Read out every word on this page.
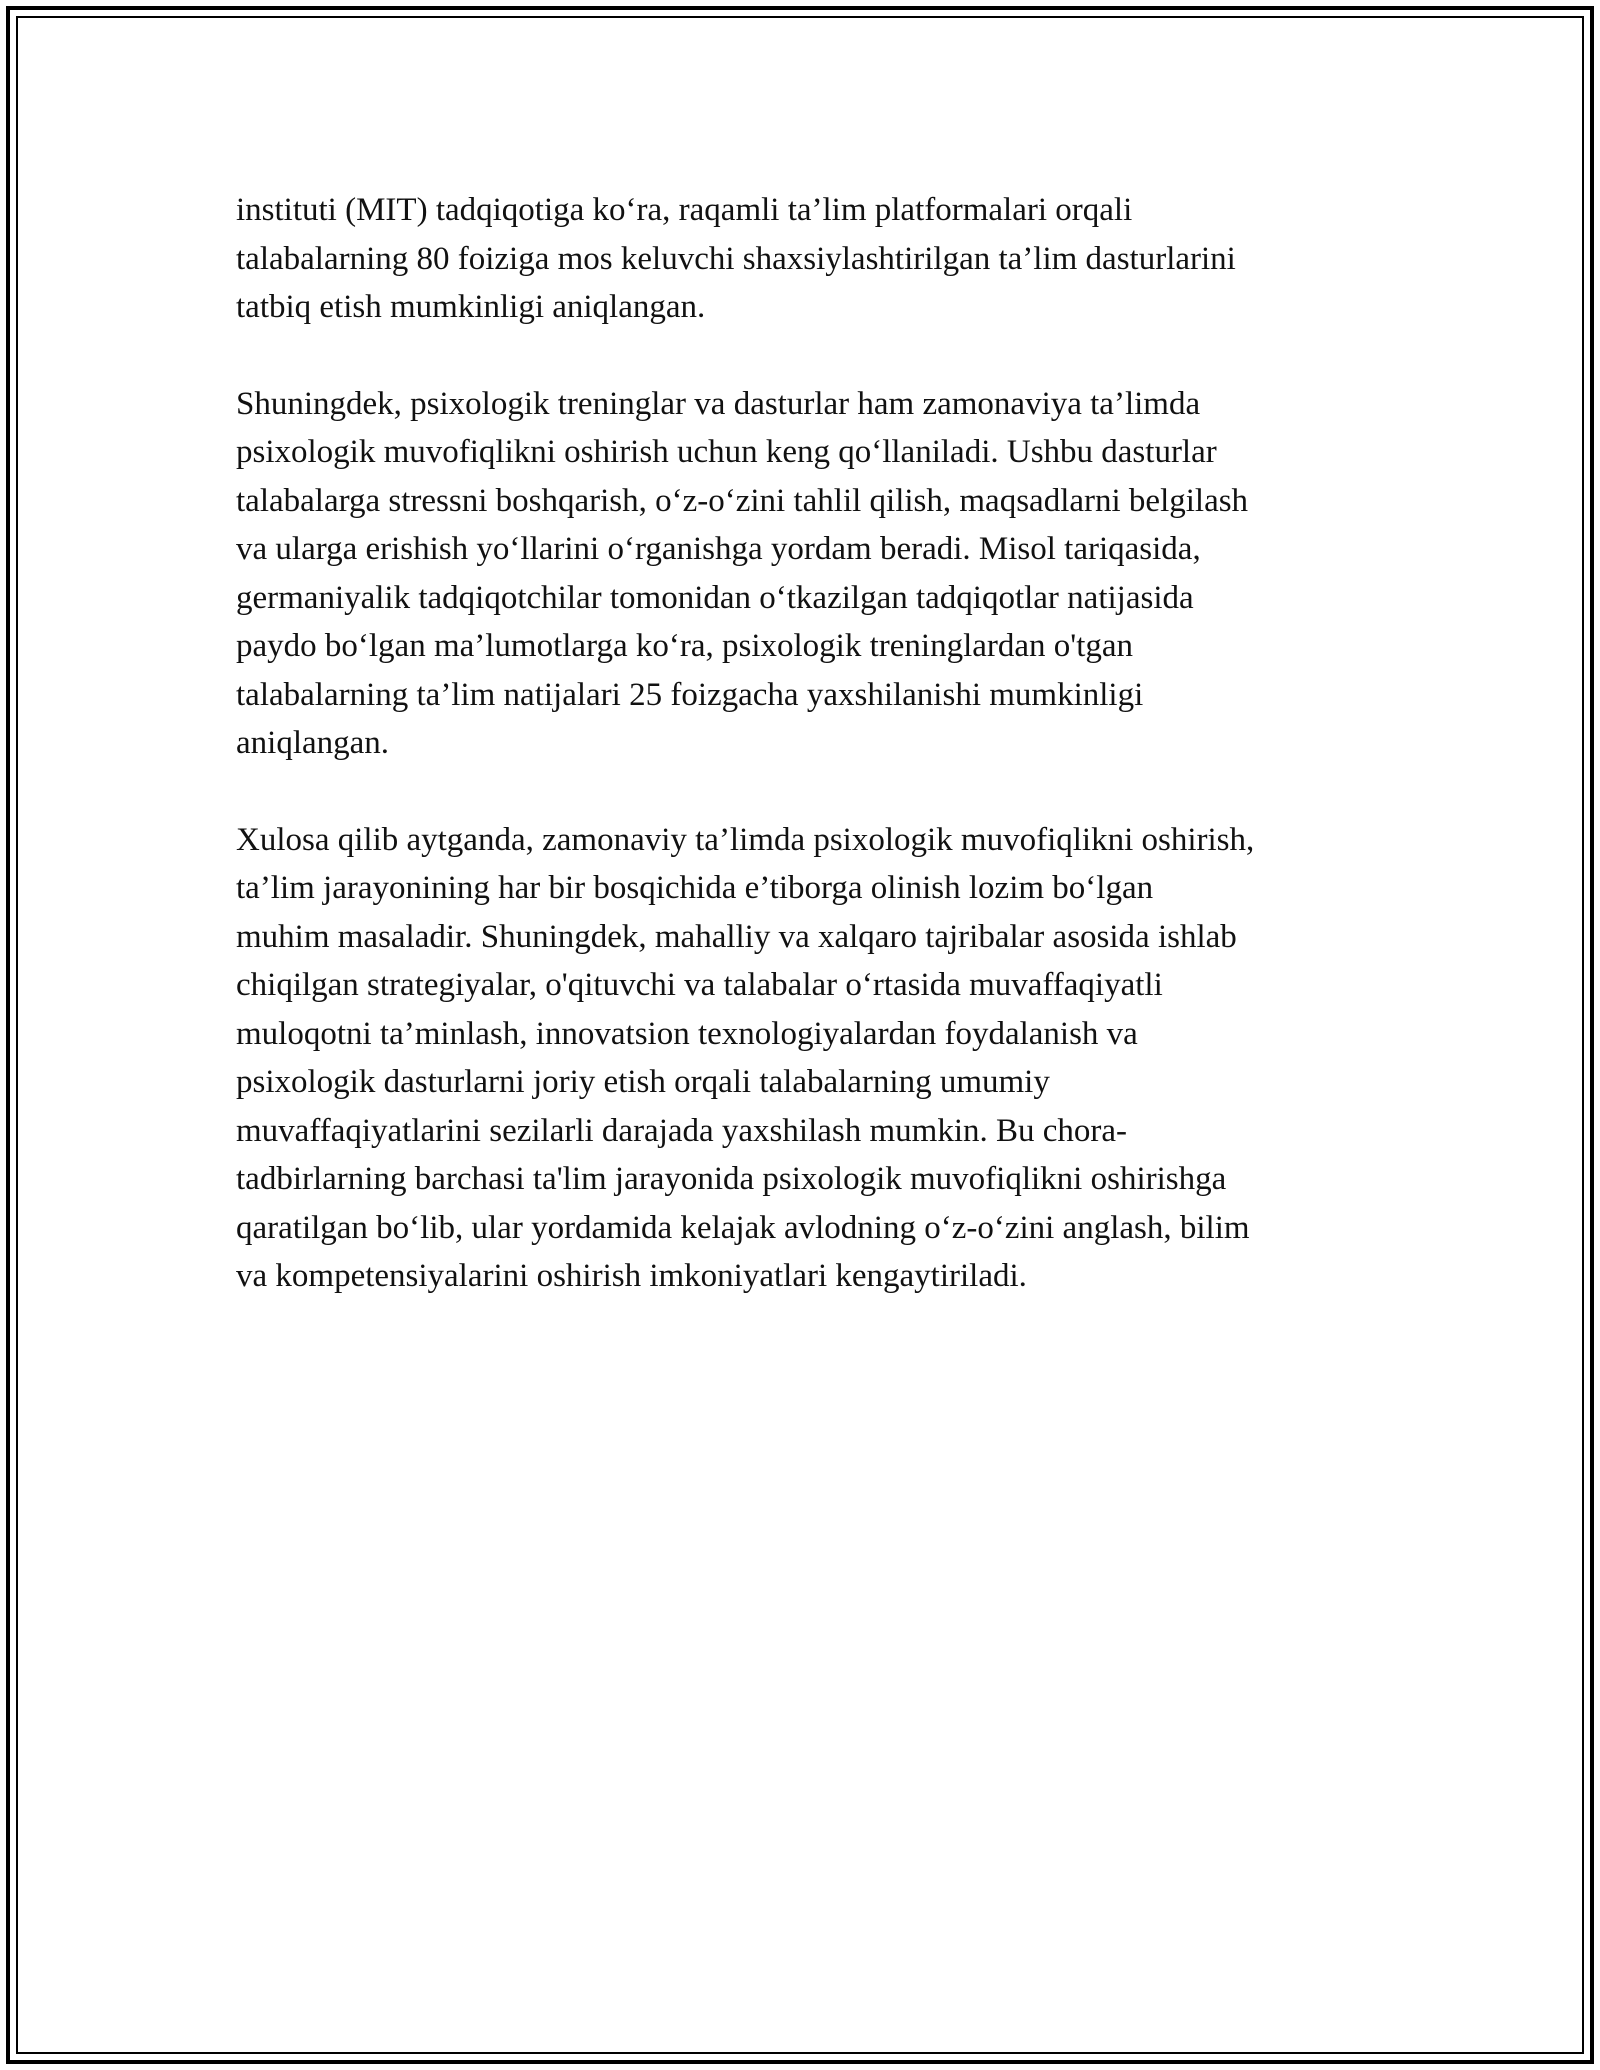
instituti (MIT) tadqiqotiga ko‘ra, raqamli ta’lim platformalari orqali
talabalarning 80 foiziga mos keluvchi shaxsiylashtirilgan ta’lim dasturlarini
tatbiq etish mumkinligi aniqlangan.

Shuningdek, psixologik treninglar va dasturlar ham zamonaviya ta’limda
psixologik muvofiqlikni oshirish uchun keng qo‘llaniladi. Ushbu dasturlar
talabalarga stressni boshqarish, o‘z-o‘zini tahlil qilish, maqsadlarni belgilash
va ularga erishish yo‘llarini o‘rganishga yordam beradi. Misol tariqasida,
germaniyalik tadqiqotchilar tomonidan o‘tkazilgan tadqiqotlar natijasida
paydo bo‘lgan ma’lumotlarga ko‘ra, psixologik treninglardan o'tgan
talabalarning ta’lim natijalari 25 foizgacha yaxshilanishi mumkinligi
aniqlangan.

Xulosa qilib aytganda, zamonaviy ta’limda psixologik muvofiqlikni oshirish,
ta’lim jarayonining har bir bosqichida e’tiborga olinish lozim bo‘lgan
muhim masaladir. Shuningdek, mahalliy va xalqaro tajribalar asosida ishlab
chiqilgan strategiyalar, o'qituvchi va talabalar o‘rtasida muvaffaqiyatli
muloqotni ta’minlash, innovatsion texnologiyalardan foydalanish va
psixologik dasturlarni joriy etish orqali talabalarning umumiy
muvaffaqiyatlarini sezilarli darajada yaxshilash mumkin. Bu chora-
tadbirlarning barchasi ta'lim jarayonida psixologik muvofiqlikni oshirishga
qaratilgan bo‘lib, ular yordamida kelajak avlodning o‘z-o‘zini anglash, bilim
va kompetensiyalarini oshirish imkoniyatlari kengaytiriladi.
